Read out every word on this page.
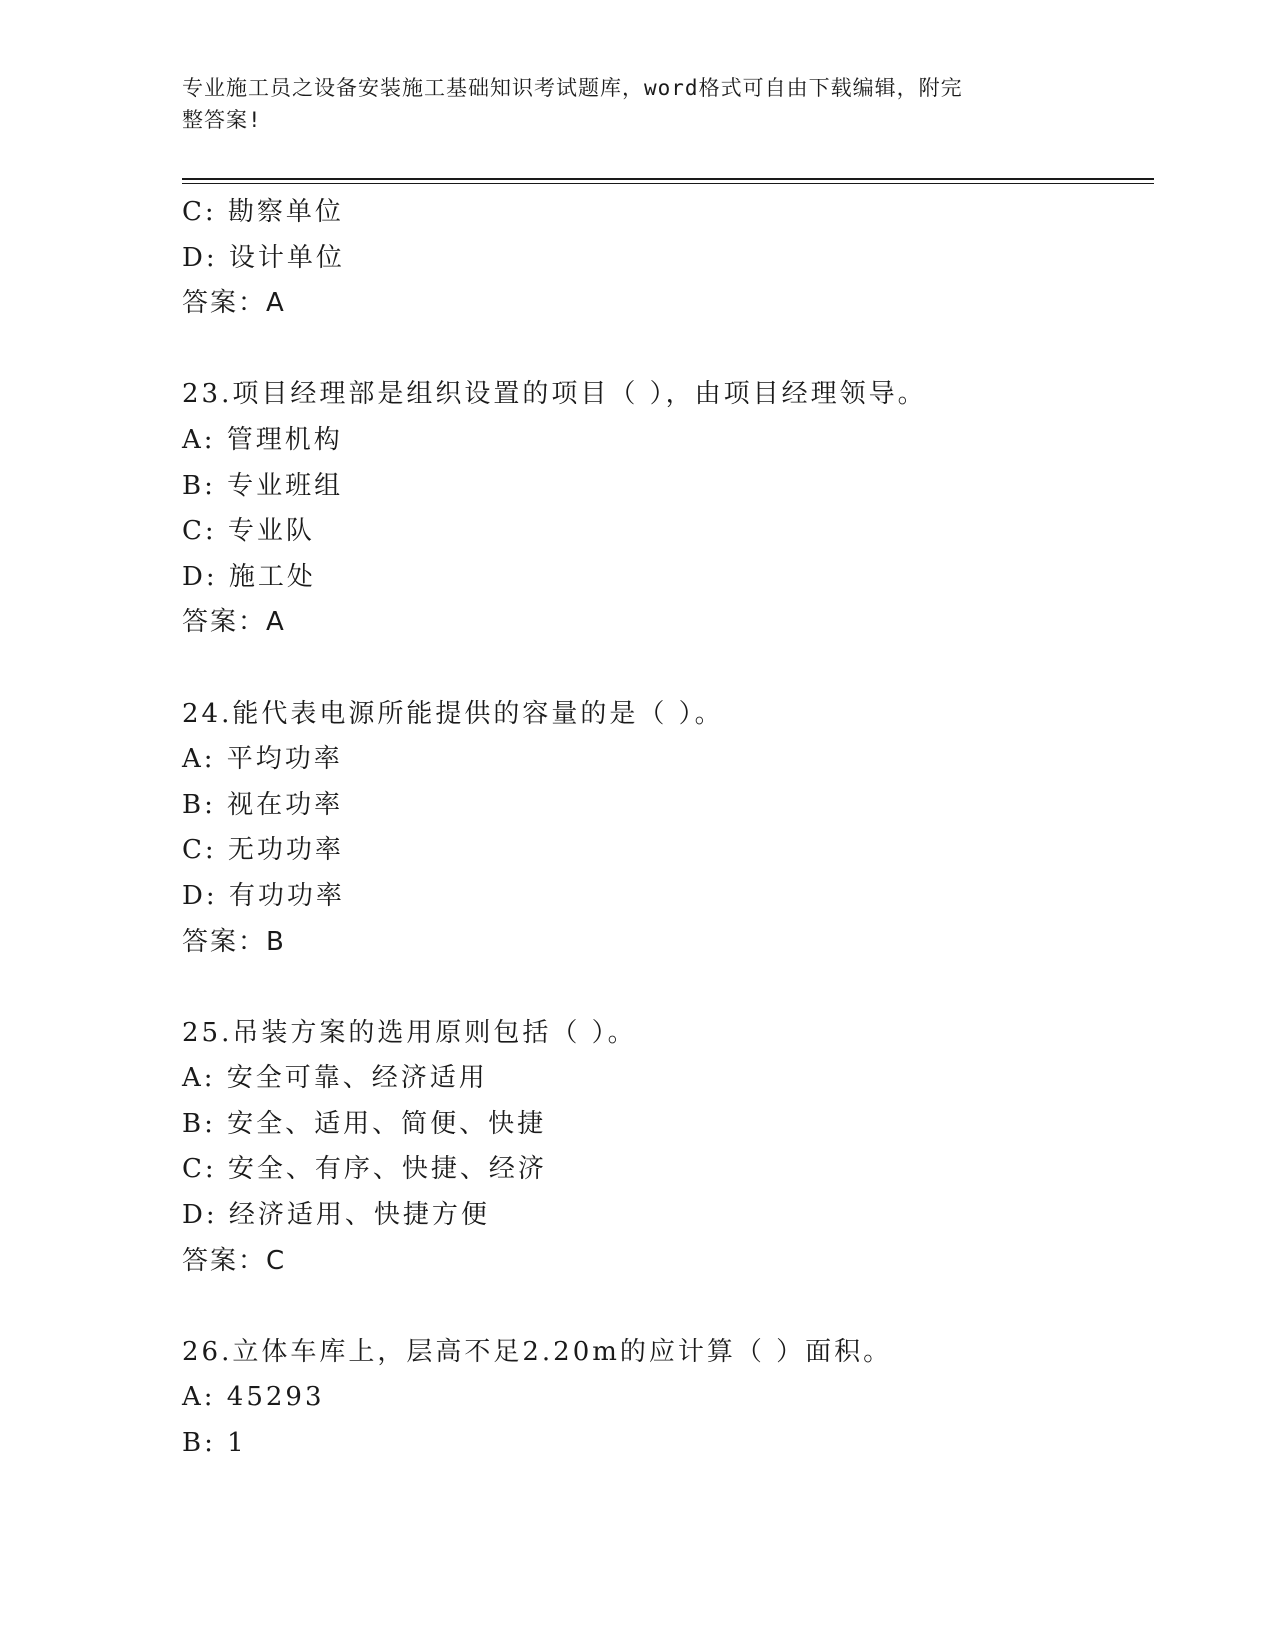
专业施工员之设备安装施工基础知识考试题库，word格式可自由下载编辑，附完
整答案!
C: 勘察单位
D: 设计单位
答案：A
23.项目经理部是组织设置的项目（ ），由项目经理领导。
A: 管理机构
B: 专业班组
C: 专业队
D: 施工处
答案：A
24.能代表电源所能提供的容量的是（ ）。
A: 平均功率
B: 视在功率
C: 无功功率
D: 有功功率
答案：B
25.吊装方案的选用原则包括（ ）。
A: 安全可靠、经济适用
B: 安全、适用、简便、快捷
C: 安全、有序、快捷、经济
D: 经济适用、快捷方便
答案：C
26.立体车库上，层高不足2.20m的应计算（ ）面积。
A: 45293
B: 1
